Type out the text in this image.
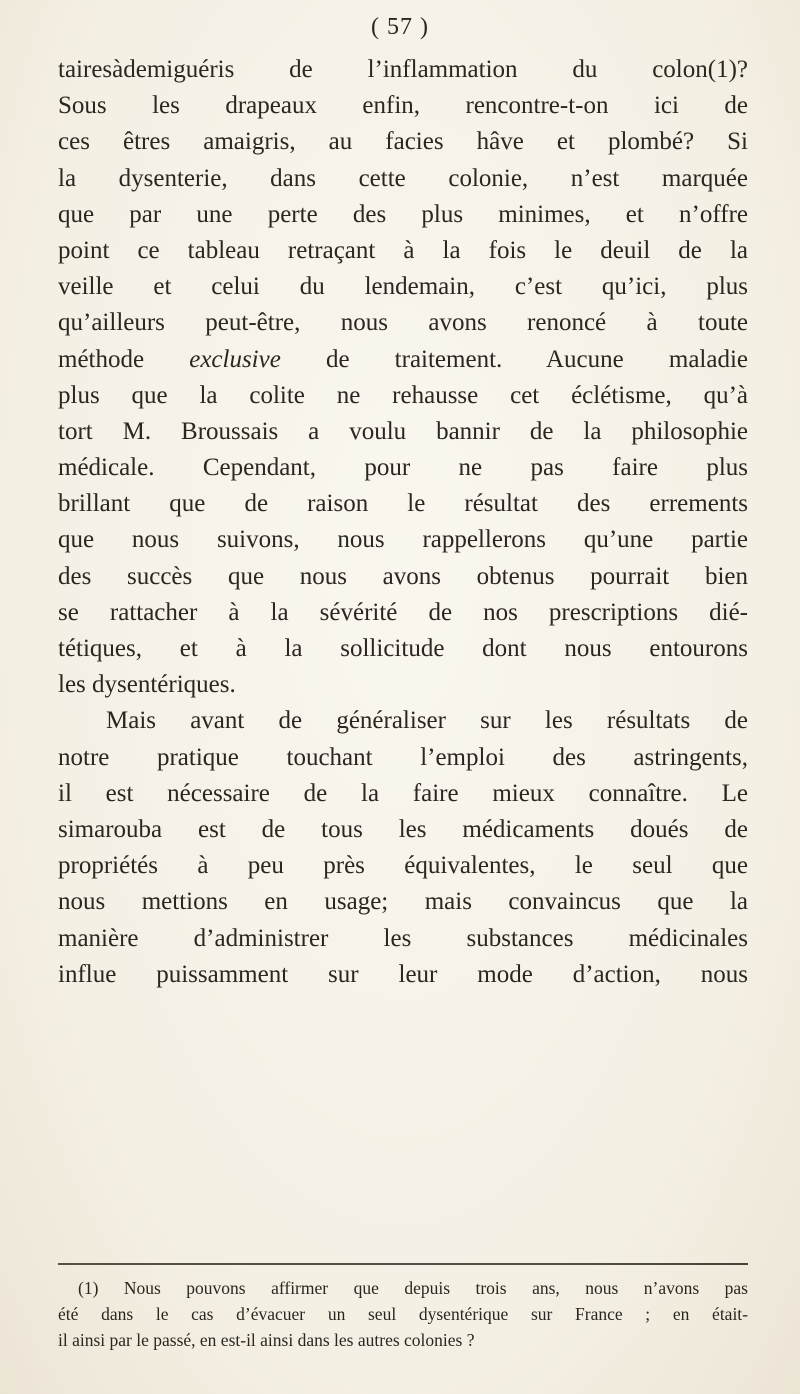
( 57 )
tairesàdemiguéris de l’inflammation du colon(1)?
Sous les drapeaux enfin, rencontre-t-on ici de
ces êtres amaigris, au facies hâve et plombé? Si
la dysenterie, dans cette colonie, n’est marquée
que par une perte des plus minimes, et n’offre
point ce tableau retraçant à la fois le deuil de la
veille et celui du lendemain, c’est qu’ici, plus
qu’ailleurs peut-être, nous avons renoncé à toute
méthode exclusive de traitement. Aucune maladie
plus que la colite ne rehausse cet éclétisme, qu’à
tort M. Broussais a voulu bannir de la philosophie
médicale. Cependant, pour ne pas faire plus
brillant que de raison le résultat des errements
que nous suivons, nous rappellerons qu’une partie
des succès que nous avons obtenus pourrait bien
se rattacher à la sévérité de nos prescriptions dié-
tétiques, et à la sollicitude dont nous entourons
les dysentériques.
Mais avant de généraliser sur les résultats de
notre pratique touchant l’emploi des astringents,
il est nécessaire de la faire mieux connaître. Le
simarouba est de tous les médicaments doués de
propriétés à peu près équivalentes, le seul que
nous mettions en usage; mais convaincus que la
manière d’administrer les substances médicinales
influe puissamment sur leur mode d’action, nous
(1) Nous pouvons affirmer que depuis trois ans, nous n’avons pas
été dans le cas d’évacuer un seul dysentérique sur France ; en était-
il ainsi par le passé, en est-il ainsi dans les autres colonies ?
